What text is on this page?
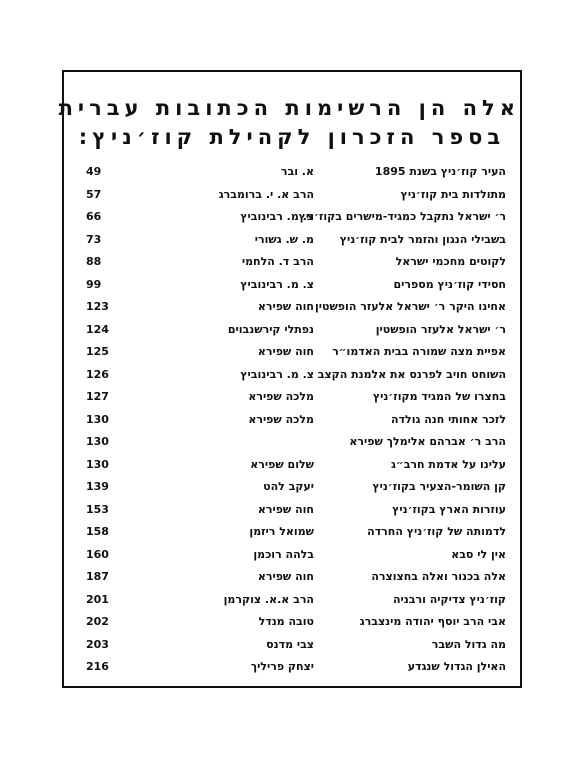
אלה הן הרשימות הכתובות עברית
בספר הזכרון לקהילת קוז׳ניץ:
העיר קוז׳ניץ בשנת 1895
א. ובר
49
מתולדות בית קוז׳ניץ
הרב א. י. ברומברג
57
ר׳ ישראל נתקבל כמגיד-מישרים בקוז׳ניץ
צ. מ. רבינוביץ
66
בשבילי הנגון והזמר לבית קוז׳ניץ
מ. ש. גשורי
73
לקוטים מחכמי ישראל
הרב ד. הלחמי
88
חסידי קוז׳ניץ מספרים
צ. מ. רבינוביץ
99
אחינו היקר ר׳ ישראל אלעזר הופשטין
חוה שפירא
123
ר׳ ישראל אלעזר הופשטין
נפתלי קירשנבוים
124
אפיית מצה שמורה בבית האדמו״ר
חוה שפירא
125
השוחט חויב לפרנס את אלמנת הקצב
צ. מ. רבינוביץ
126
בחצרו של המגיד מקוז׳ניץ
מלכה שפירא
127
לזכר אחותי חנה גולדה
מלכה שפירא
130
הרב ר׳ אברהם אלימלך שפירא
130
עלינו על אדמת חרב״ג
שלום שפירא
130
קן השומר-הצעיר בקוז׳ניץ
יעקב להט
139
עוזרות הארץ בקוז׳ניץ
חוה שפירא
153
לדמותה של קוז׳ניץ החרדה
שמואל ריזמן
158
אין לי סבא
בלהה רוכמן
160
אלה בכנור ואלה בחצוצרה
חוה שפירא
187
קוז׳ניץ צדיקיה ורבניה
הרב א.א. צוקרמן
201
אבי הרב יוסף יהודה מינצברג
טובה מנדל
202
מה גדול השבר
צבי מדנס
203
האילן הגדול שנגדע
יצחק פריליך
216
